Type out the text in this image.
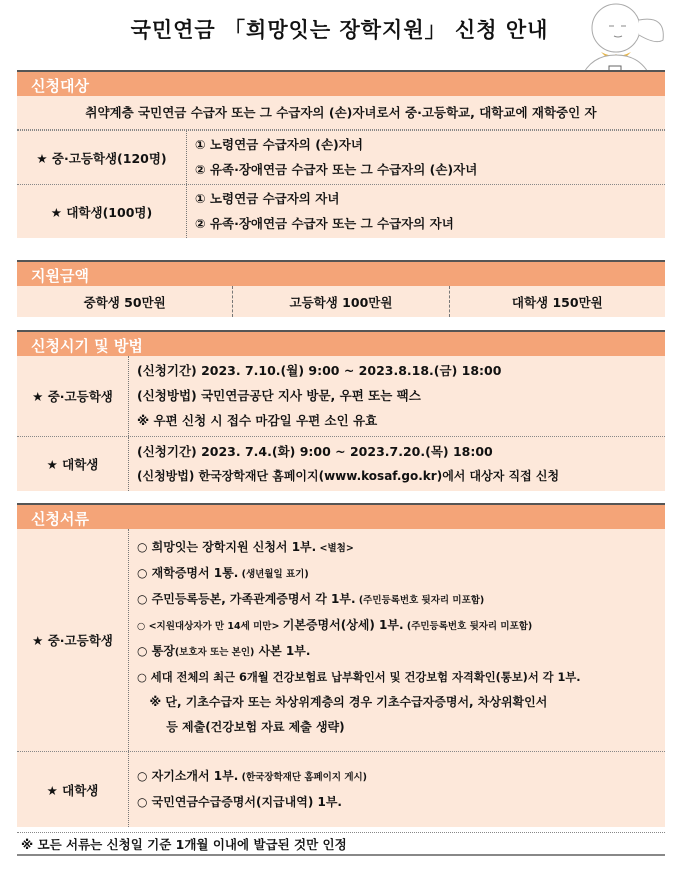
국민연금 「희망잇는 장학지원」 신청 안내
신청대상
취약계층 국민연금 수급자 또는 그 수급자의 (손)자녀로서 중·고등학교, 대학교에 재학중인 자
★ 중·고등학생(120명)
① 노령연금 수급자의 (손)자녀
② 유족·장애연금 수급자 또는 그 수급자의 (손)자녀
★ 대학생(100명)
① 노령연금 수급자의 자녀
② 유족·장애연금 수급자 또는 그 수급자의 자녀
지원금액
중학생 50만원	고등학생 100만원	대학생 150만원
신청시기 및 방법
★ 중·고등학생
(신청기간) 2023. 7.10.(월) 9:00 ~ 2023.8.18.(금) 18:00
(신청방법) 국민연금공단 지사 방문, 우편 또는 팩스
※ 우편 신청 시 접수 마감일 우편 소인 유효
★ 대학생
(신청기간) 2023. 7.4.(화) 9:00 ~ 2023.7.20.(목) 18:00
(신청방법) 한국장학재단 홈페이지(www.kosaf.go.kr)에서 대상자 직접 신청
신청서류
★ 중·고등학생
○ 희망잇는 장학지원 신청서 1부. <별첨>
○ 재학증명서 1통. (생년월일 표기)
○ 주민등록등본, 가족관계증명서 각 1부. (주민등록번호 뒷자리 미포함)
○ <지원대상자가 만 14세 미만> 기본증명서(상세) 1부. (주민등록번호 뒷자리 미포함)
○ 통장(보호자 또는 본인) 사본 1부.
○ 세대 전체의 최근 6개월 건강보험료 납부확인서 및 건강보험 자격확인(통보)서 각 1부.
※ 단, 기초수급자 또는 차상위계층의 경우 기초수급자증명서, 차상위확인서
등 제출(건강보험 자료 제출 생략)
★ 대학생
○ 자기소개서 1부. (한국장학재단 홈페이지 게시)
○ 국민연금수급증명서(지급내역) 1부.
※ 모든 서류는 신청일 기준 1개월 이내에 발급된 것만 인정
